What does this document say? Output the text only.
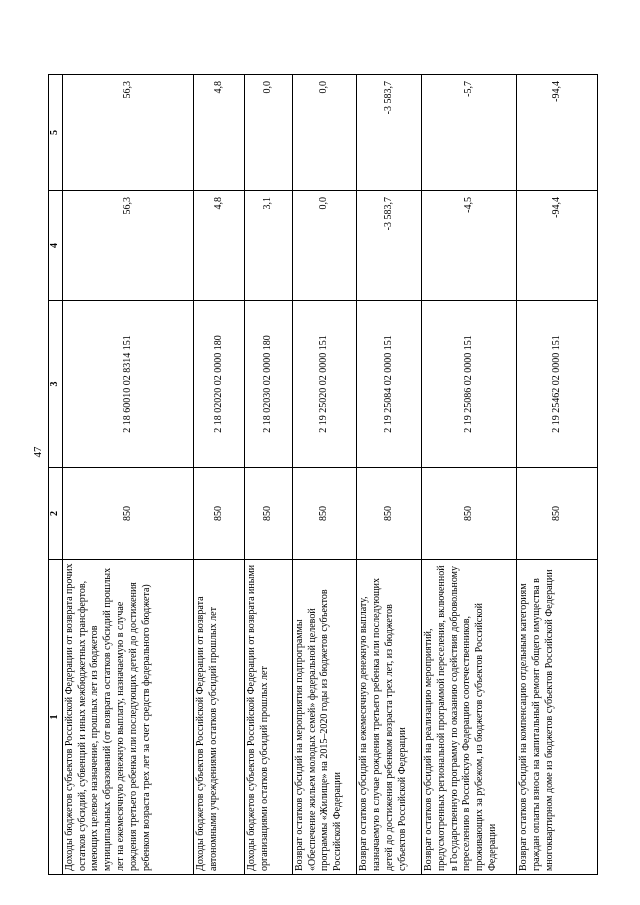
47
1	2	3	4	5
Доходы бюджетов субъектов Российской Федерации от возврата прочих остатков субсидий, субвенций и иных межбюджетных трансфертов, имеющих целевое назначение, прошлых лет из бюджетов муниципальных образований (от возврата остатков субсидий прошлых лет на ежемесячную денежную выплату, назначаемую в случае рождения третьего ребенка или последующих детей до достижения ребенком возраста трех лет за счет средств федерального бюджета)	850	2 18 60010 02 8314 151	56,3	56,3
Доходы бюджетов субъектов Российской Федерации от возврата автономными учреждениями остатков субсидий прошлых лет	850	2 18 02020 02 0000 180	4,8	4,8
Доходы бюджетов субъектов Российской Федерации от возврата иными организациями остатков субсидий прошлых лет	850	2 18 02030 02 0000 180	3,1	0,0
Возврат остатков субсидий на мероприятия подпрограммы «Обеспечение жильем молодых семей» федеральной целевой программы «Жилище» на 2015–2020 годы из бюджетов субъектов Российской Федерации	850	2 19 25020 02 0000 151	0,0	0,0
Возврат остатков субсидий на ежемесячную денежную выплату, назначаемую в случае рождения третьего ребенка или последующих детей до достижения ребенком возраста трех лет, из бюджетов субъектов Российской Федерации	850	2 19 25084 02 0000 151	-3 583,7	-3 583,7
Возврат остатков субсидий на реализацию мероприятий, предусмотренных региональной программой переселения, включенной в Государственную программу по оказанию содействия добровольному переселению в Российскую Федерацию соотечественников, проживающих за рубежом, из бюджетов субъектов Российской Федерации	850	2 19 25086 02 0000 151	-4,5	-5,7
Возврат остатков субсидий на компенсацию отдельным категориям граждан оплаты взноса на капитальный ремонт общего имущества в многоквартирном доме из бюджетов субъектов Российской Федерации	850	2 19 25462 02 0000 151	-94,4	-94,4
